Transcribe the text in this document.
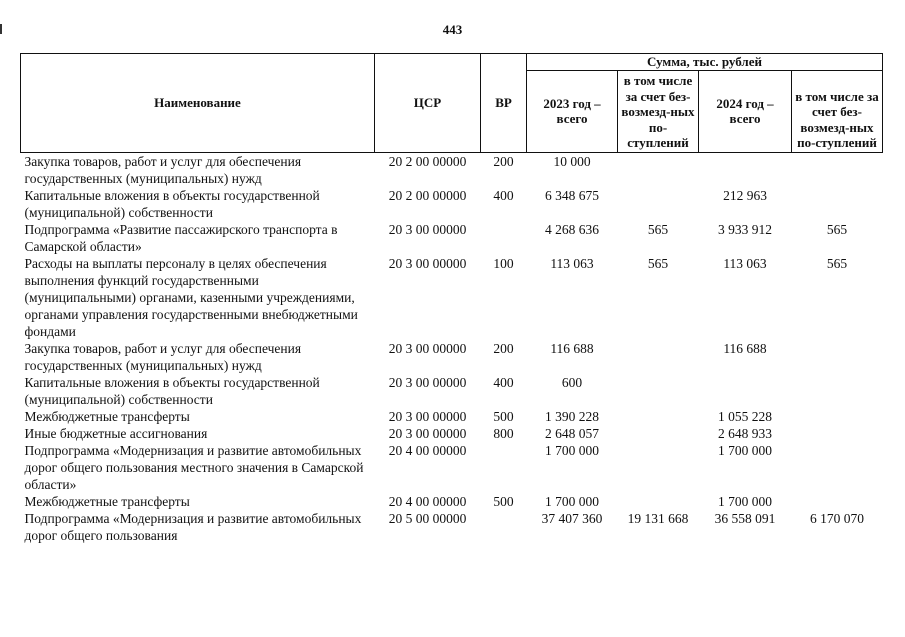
443
Наименование	ЦСР	ВР	Сумма, тыс. рублей			
			2023 год – всего	в том числе за счет без-возмезд-ных по-ступлений	2024 год – всего	в том числе за счет без-возмезд-ных по-ступлений
Закупка товаров, работ и услуг для обеспечения государственных (муниципальных) нужд	20 2 00 00000	200	10 000			
Капитальные вложения в объекты государственной (муниципальной) собственности	20 2 00 00000	400	6 348 675		212 963	
Подпрограмма «Развитие пассажирского транспорта в Самарской области»	20 3 00 00000		4 268 636	565	3 933 912	565
Расходы на выплаты персоналу в целях обеспечения выполнения функций государственными (муниципальными) органами, казенными учреждениями, органами управления государственными внебюджетными фондами	20 3 00 00000	100	113 063	565	113 063	565
Закупка товаров, работ и услуг для обеспечения государственных (муниципальных) нужд	20 3 00 00000	200	116 688		116 688	
Капитальные вложения в объекты государственной (муниципальной) собственности	20 3 00 00000	400	600			
Межбюджетные трансферты	20 3 00 00000	500	1 390 228		1 055 228	
Иные бюджетные ассигнования	20 3 00 00000	800	2 648 057		2 648 933	
Подпрограмма «Модернизация и развитие автомобильных дорог общего пользования местного значения в Самарской области»	20 4 00 00000		1 700 000		1 700 000	
Межбюджетные трансферты	20 4 00 00000	500	1 700 000		1 700 000	
Подпрограмма «Модернизация и развитие автомобильных дорог общего пользования	20 5 00 00000		37 407 360	19 131 668	36 558 091	6 170 070
